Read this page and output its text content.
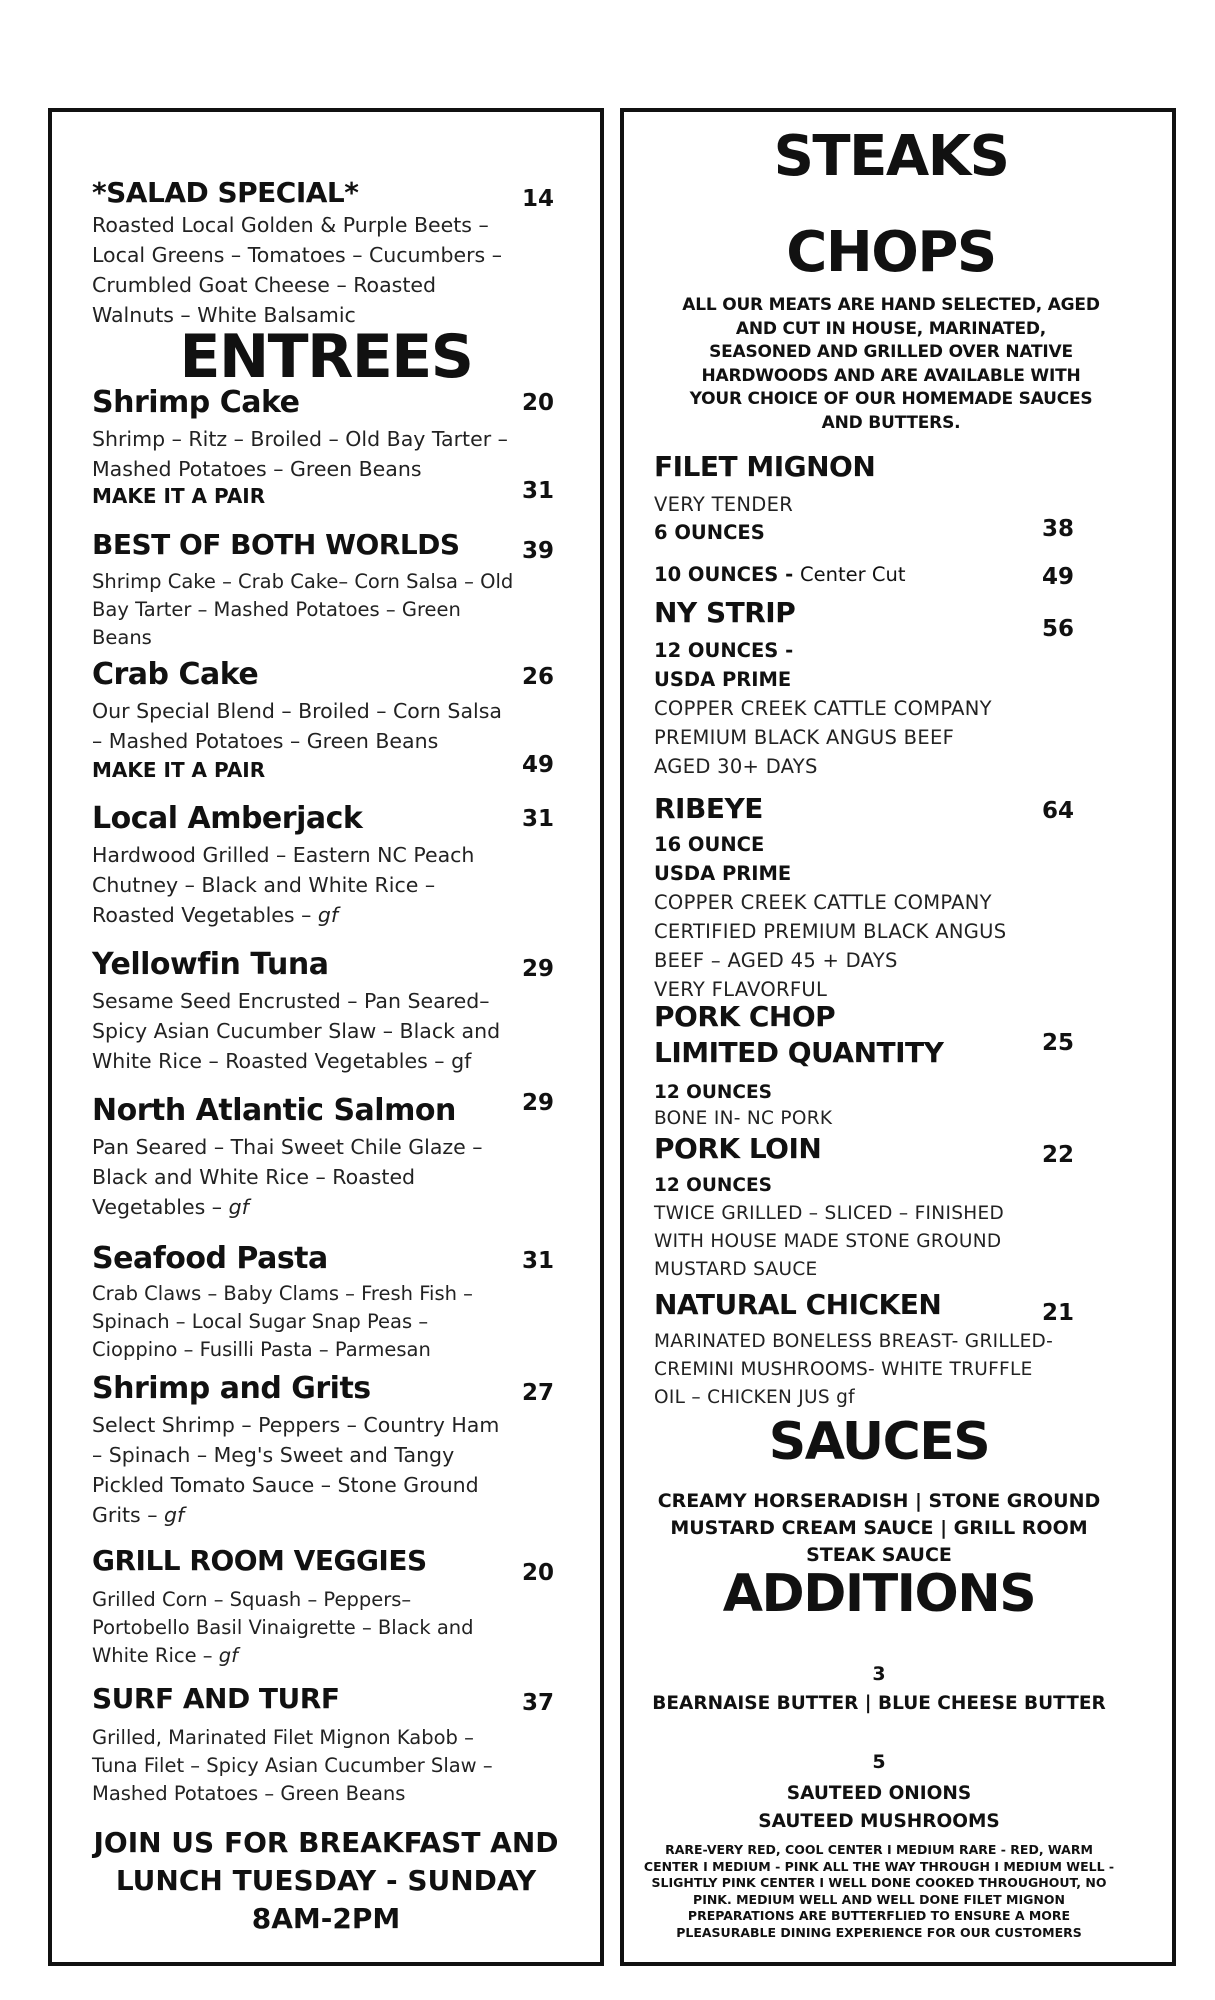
*SALAD SPECIAL*	14
Roasted Local Golden & Purple Beets –
Local Greens – Tomatoes – Cucumbers –
Crumbled Goat Cheese – Roasted
Walnuts – White Balsamic
ENTREES
Shrimp Cake	20
Shrimp – Ritz – Broiled – Old Bay Tarter –
Mashed Potatoes – Green Beans
MAKE IT A PAIR	31
BEST OF BOTH WORLDS	39
Shrimp Cake – Crab Cake– Corn Salsa – Old
Bay Tarter – Mashed Potatoes – Green
Beans
Crab Cake	26
Our Special Blend – Broiled – Corn Salsa
– Mashed Potatoes – Green Beans
MAKE IT A PAIR	49
Local Amberjack	31
Hardwood Grilled – Eastern NC Peach
Chutney – Black and White Rice –
Roasted Vegetables – gf
Yellowfin Tuna	29
Sesame Seed Encrusted – Pan Seared–
Spicy Asian Cucumber Slaw – Black and
White Rice – Roasted Vegetables – gf
North Atlantic Salmon	29
Pan Seared – Thai Sweet Chile Glaze –
Black and White Rice – Roasted
Vegetables – gf
Seafood Pasta	31
Crab Claws – Baby Clams – Fresh Fish –
Spinach – Local Sugar Snap Peas –
Cioppino – Fusilli Pasta – Parmesan
Shrimp and Grits	27
Select Shrimp – Peppers – Country Ham
– Spinach – Meg's Sweet and Tangy
Pickled Tomato Sauce – Stone Ground
Grits – gf
GRILL ROOM VEGGIES	20
Grilled Corn – Squash – Peppers–
Portobello Basil Vinaigrette – Black and
White Rice – gf
SURF AND TURF	37
Grilled, Marinated Filet Mignon Kabob –
Tuna Filet – Spicy Asian Cucumber Slaw –
Mashed Potatoes – Green Beans
JOIN US FOR BREAKFAST AND
LUNCH TUESDAY - SUNDAY
8AM-2PM
STEAKS
CHOPS
ALL OUR MEATS ARE HAND SELECTED, AGED
AND CUT IN HOUSE, MARINATED,
SEASONED AND GRILLED OVER NATIVE
HARDWOODS AND ARE AVAILABLE WITH
YOUR CHOICE OF OUR HOMEMADE SAUCES
AND BUTTERS.
FILET MIGNON
VERY TENDER
6 OUNCES	38
10 OUNCES - Center Cut	49
NY STRIP	56
12 OUNCES -
USDA PRIME
COPPER CREEK CATTLE COMPANY
PREMIUM BLACK ANGUS BEEF
AGED 30+ DAYS
RIBEYE	64
16 OUNCE
USDA PRIME
COPPER CREEK CATTLE COMPANY
CERTIFIED PREMIUM BLACK ANGUS
BEEF – AGED 45 + DAYS
VERY FLAVORFUL
PORK CHOP
LIMITED QUANTITY	25
12 OUNCES
BONE IN- NC PORK
PORK LOIN	22
12 OUNCES
TWICE GRILLED – SLICED – FINISHED
WITH HOUSE MADE STONE GROUND
MUSTARD SAUCE
NATURAL CHICKEN	21
MARINATED BONELESS BREAST- GRILLED-
CREMINI MUSHROOMS- WHITE TRUFFLE
OIL – CHICKEN JUS gf
SAUCES
CREAMY HORSERADISH | STONE GROUND
MUSTARD CREAM SAUCE | GRILL ROOM
STEAK SAUCE
ADDITIONS
3
BEARNAISE BUTTER | BLUE CHEESE BUTTER
5
SAUTEED ONIONS
SAUTEED MUSHROOMS
RARE-VERY RED, COOL CENTER I MEDIUM RARE - RED, WARM
CENTER I MEDIUM - PINK ALL THE WAY THROUGH I MEDIUM WELL -
SLIGHTLY PINK CENTER I WELL DONE COOKED THROUGHOUT, NO
PINK. MEDIUM WELL AND WELL DONE FILET MIGNON
PREPARATIONS ARE BUTTERFLIED TO ENSURE A MORE
PLEASURABLE DINING EXPERIENCE FOR OUR CUSTOMERS
